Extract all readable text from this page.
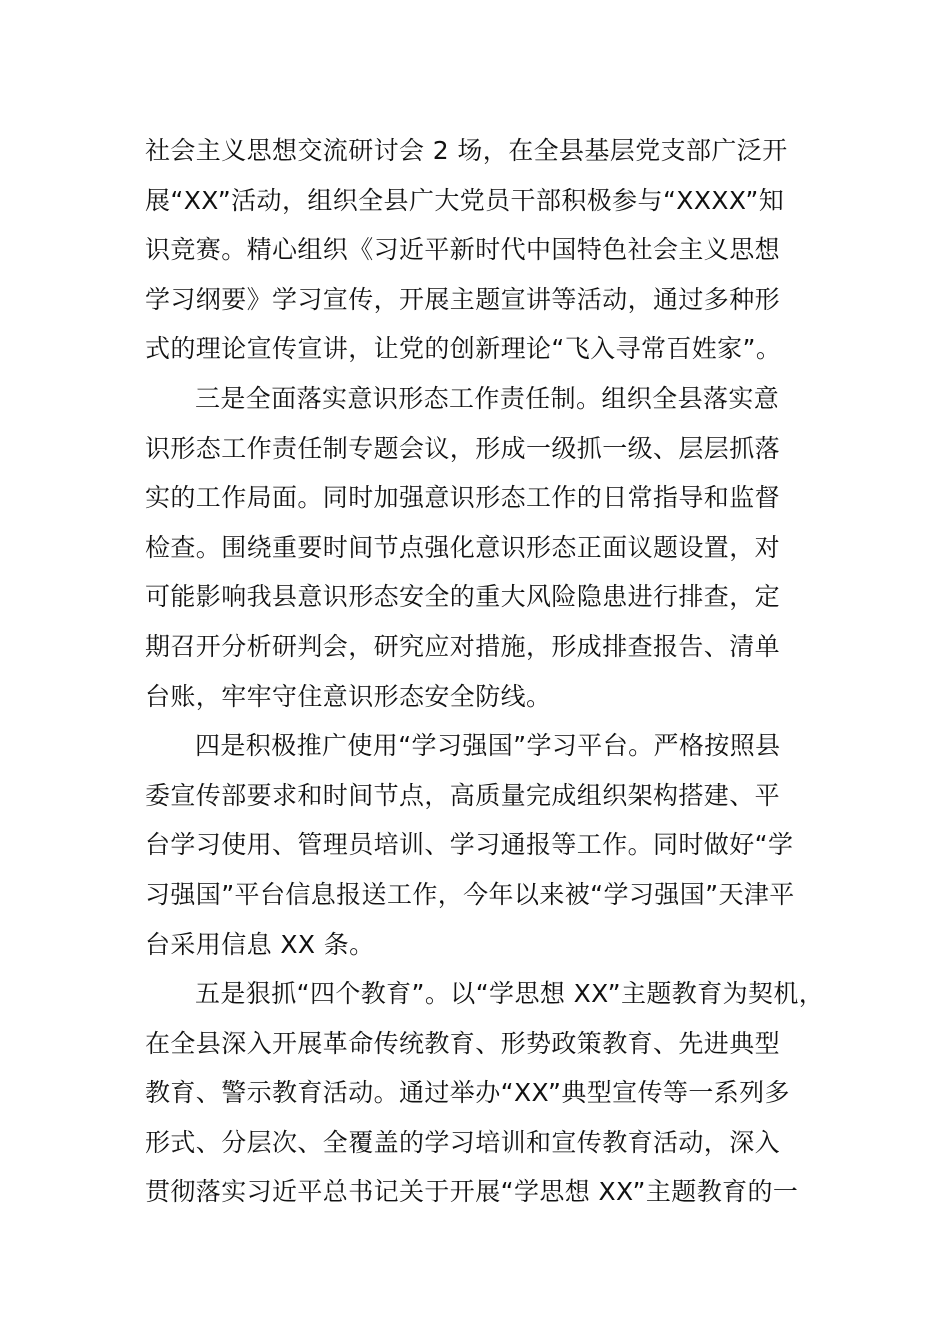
社会主义思想交流研讨会 2 场，在全县基层党支部广泛开
展“XX”活动，组织全县广大党员干部积极参与“XXXX”知
识竞赛。精心组织《习近平新时代中国特色社会主义思想
学习纲要》学习宣传，开展主题宣讲等活动，通过多种形
式的理论宣传宣讲，让党的创新理论“飞入寻常百姓家”。
三是全面落实意识形态工作责任制。组织全县落实意
识形态工作责任制专题会议，形成一级抓一级、层层抓落
实的工作局面。同时加强意识形态工作的日常指导和监督
检查。围绕重要时间节点强化意识形态正面议题设置，对
可能影响我县意识形态安全的重大风险隐患进行排查，定
期召开分析研判会，研究应对措施，形成排查报告、清单
台账，牢牢守住意识形态安全防线。
四是积极推广使用“学习强国”学习平台。严格按照县
委宣传部要求和时间节点，高质量完成组织架构搭建、平
台学习使用、管理员培训、学习通报等工作。同时做好“学
习强国”平台信息报送工作，今年以来被“学习强国”天津平
台采用信息 XX 条。
五是狠抓“四个教育”。以“学思想 XX”主题教育为契机，
在全县深入开展革命传统教育、形势政策教育、先进典型
教育、警示教育活动。通过举办“XX”典型宣传等一系列多
形式、分层次、全覆盖的学习培训和宣传教育活动，深入
贯彻落实习近平总书记关于开展“学思想 XX”主题教育的一
